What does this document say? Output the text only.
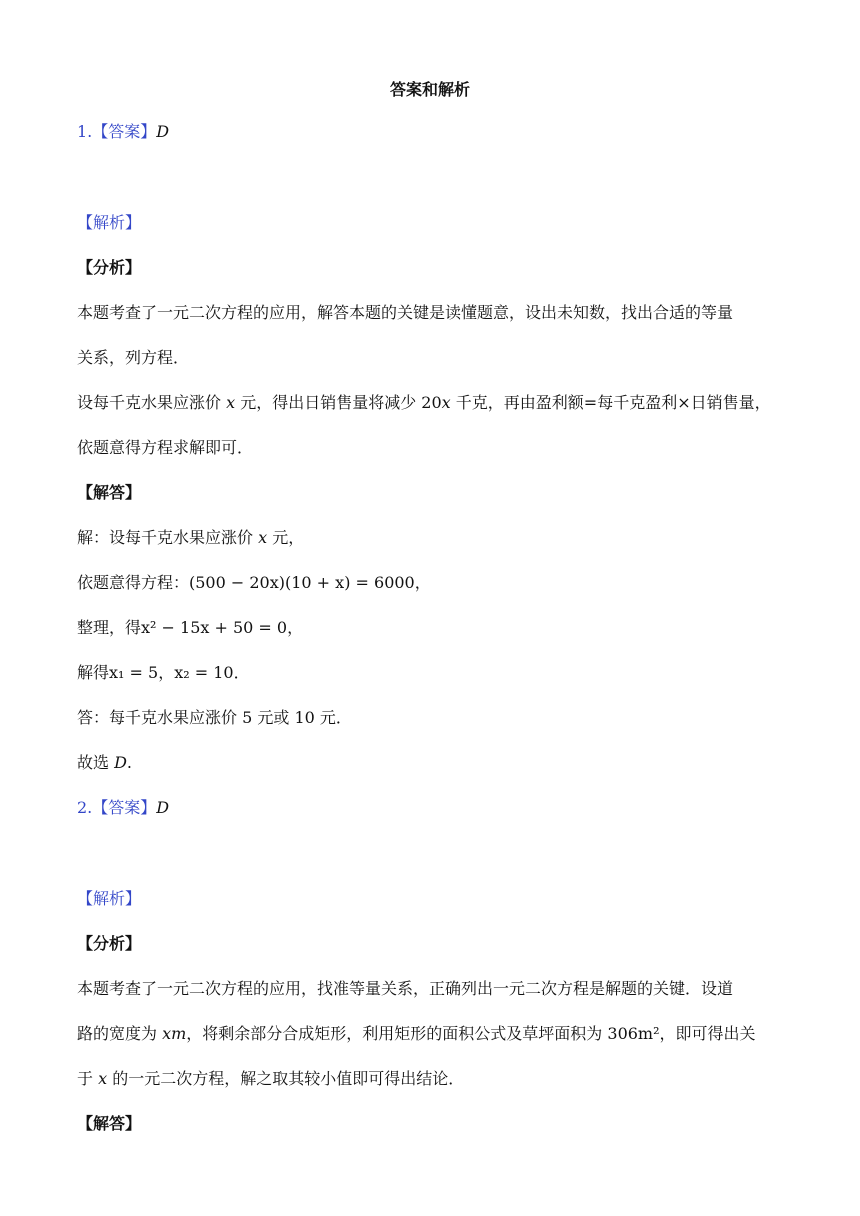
答案和解析
1.【答案】D
【解析】
【分析】
本题考查了一元二次方程的应用，解答本题的关键是读懂题意，设出未知数，找出合适的等量
关系，列方程．
设每千克水果应涨价 x 元，得出日销售量将减少 20x 千克，再由盈利额=每千克盈利×日销售量，
依题意得方程求解即可．
【解答】
解：设每千克水果应涨价 x 元，
依题意得方程：(500 − 20x)(10 + x) = 6000，
整理，得x² − 15x + 50 = 0，
解得x₁ = 5，x₂ = 10．
答：每千克水果应涨价 5 元或 10 元．
故选 D.
2.【答案】D
【解析】
【分析】
本题考查了一元二次方程的应用，找准等量关系，正确列出一元二次方程是解题的关键．设道
路的宽度为 xm，将剩余部分合成矩形，利用矩形的面积公式及草坪面积为 306m²，即可得出关
于 x 的一元二次方程，解之取其较小值即可得出结论．
【解答】
